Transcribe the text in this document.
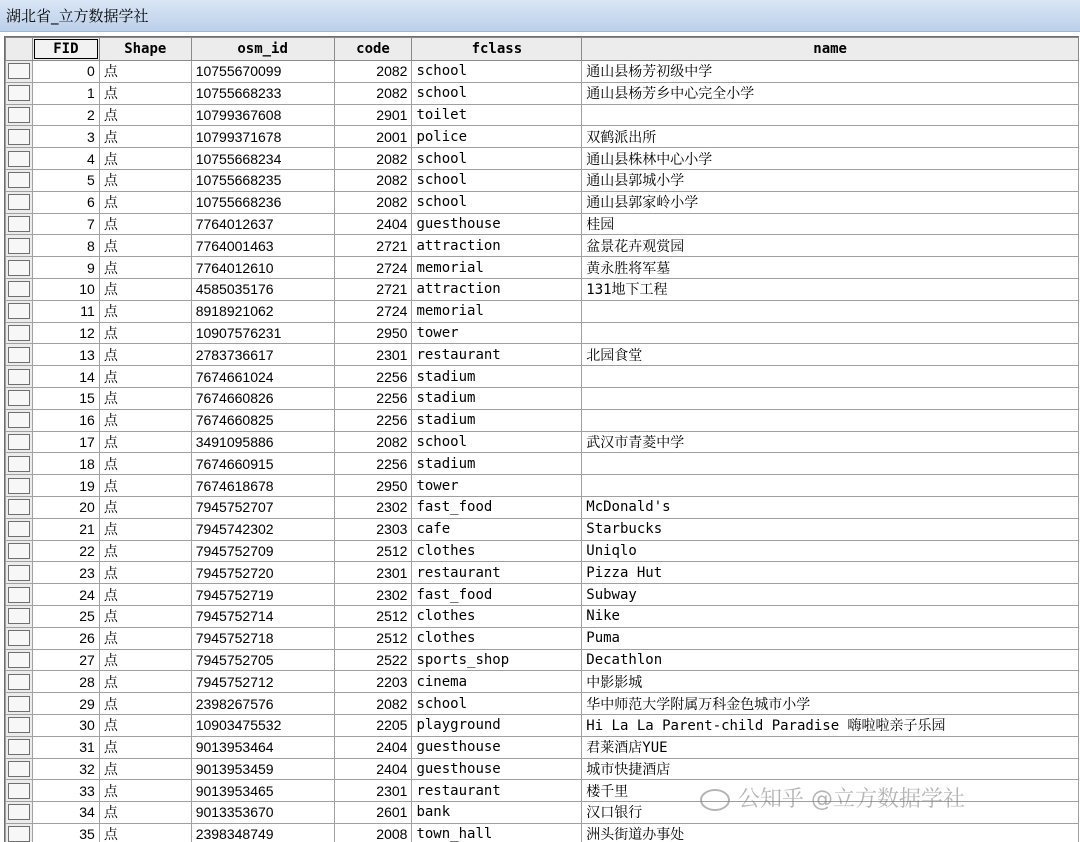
湖北省_立方数据学社

	FID	Shape	osm_id	code	fclass	name

	0	点	10755670099	2082	school	通山县杨芳初级中学

	1	点	10755668233	2082	school	通山县杨芳乡中心完全小学

	2	点	10799367608	2901	toilet	

	3	点	10799371678	2001	police	双鹤派出所

	4	点	10755668234	2082	school	通山县株林中心小学

	5	点	10755668235	2082	school	通山县郭城小学

	6	点	10755668236	2082	school	通山县郭家岭小学

	7	点	7764012637	2404	guesthouse	桂园

	8	点	7764001463	2721	attraction	盆景花卉观赏园

	9	点	7764012610	2724	memorial	黄永胜将军墓

	10	点	4585035176	2721	attraction	131地下工程

	11	点	8918921062	2724	memorial	

	12	点	10907576231	2950	tower	

	13	点	2783736617	2301	restaurant	北园食堂

	14	点	7674661024	2256	stadium	

	15	点	7674660826	2256	stadium	

	16	点	7674660825	2256	stadium	

	17	点	3491095886	2082	school	武汉市青菱中学

	18	点	7674660915	2256	stadium	

	19	点	7674618678	2950	tower	

	20	点	7945752707	2302	fast_food	McDonald's

	21	点	7945742302	2303	cafe	Starbucks

	22	点	7945752709	2512	clothes	Uniqlo

	23	点	7945752720	2301	restaurant	Pizza Hut

	24	点	7945752719	2302	fast_food	Subway

	25	点	7945752714	2512	clothes	Nike

	26	点	7945752718	2512	clothes	Puma

	27	点	7945752705	2522	sports_shop	Decathlon

	28	点	7945752712	2203	cinema	中影影城

	29	点	2398267576	2082	school	华中师范大学附属万科金色城市小学

	30	点	10903475532	2205	playground	Hi La La Parent-child Paradise 嗨啦啦亲子乐园

	31	点	9013953464	2404	guesthouse	君莱酒店YUE

	32	点	9013953459	2404	guesthouse	城市快捷酒店

	33	点	9013953465	2301	restaurant	楼千里

	34	点	9013353670	2601	bank	汉口银行

	35	点	2398348749	2008	town_hall	洲头街道办事处
公知乎 @立方数据学社
